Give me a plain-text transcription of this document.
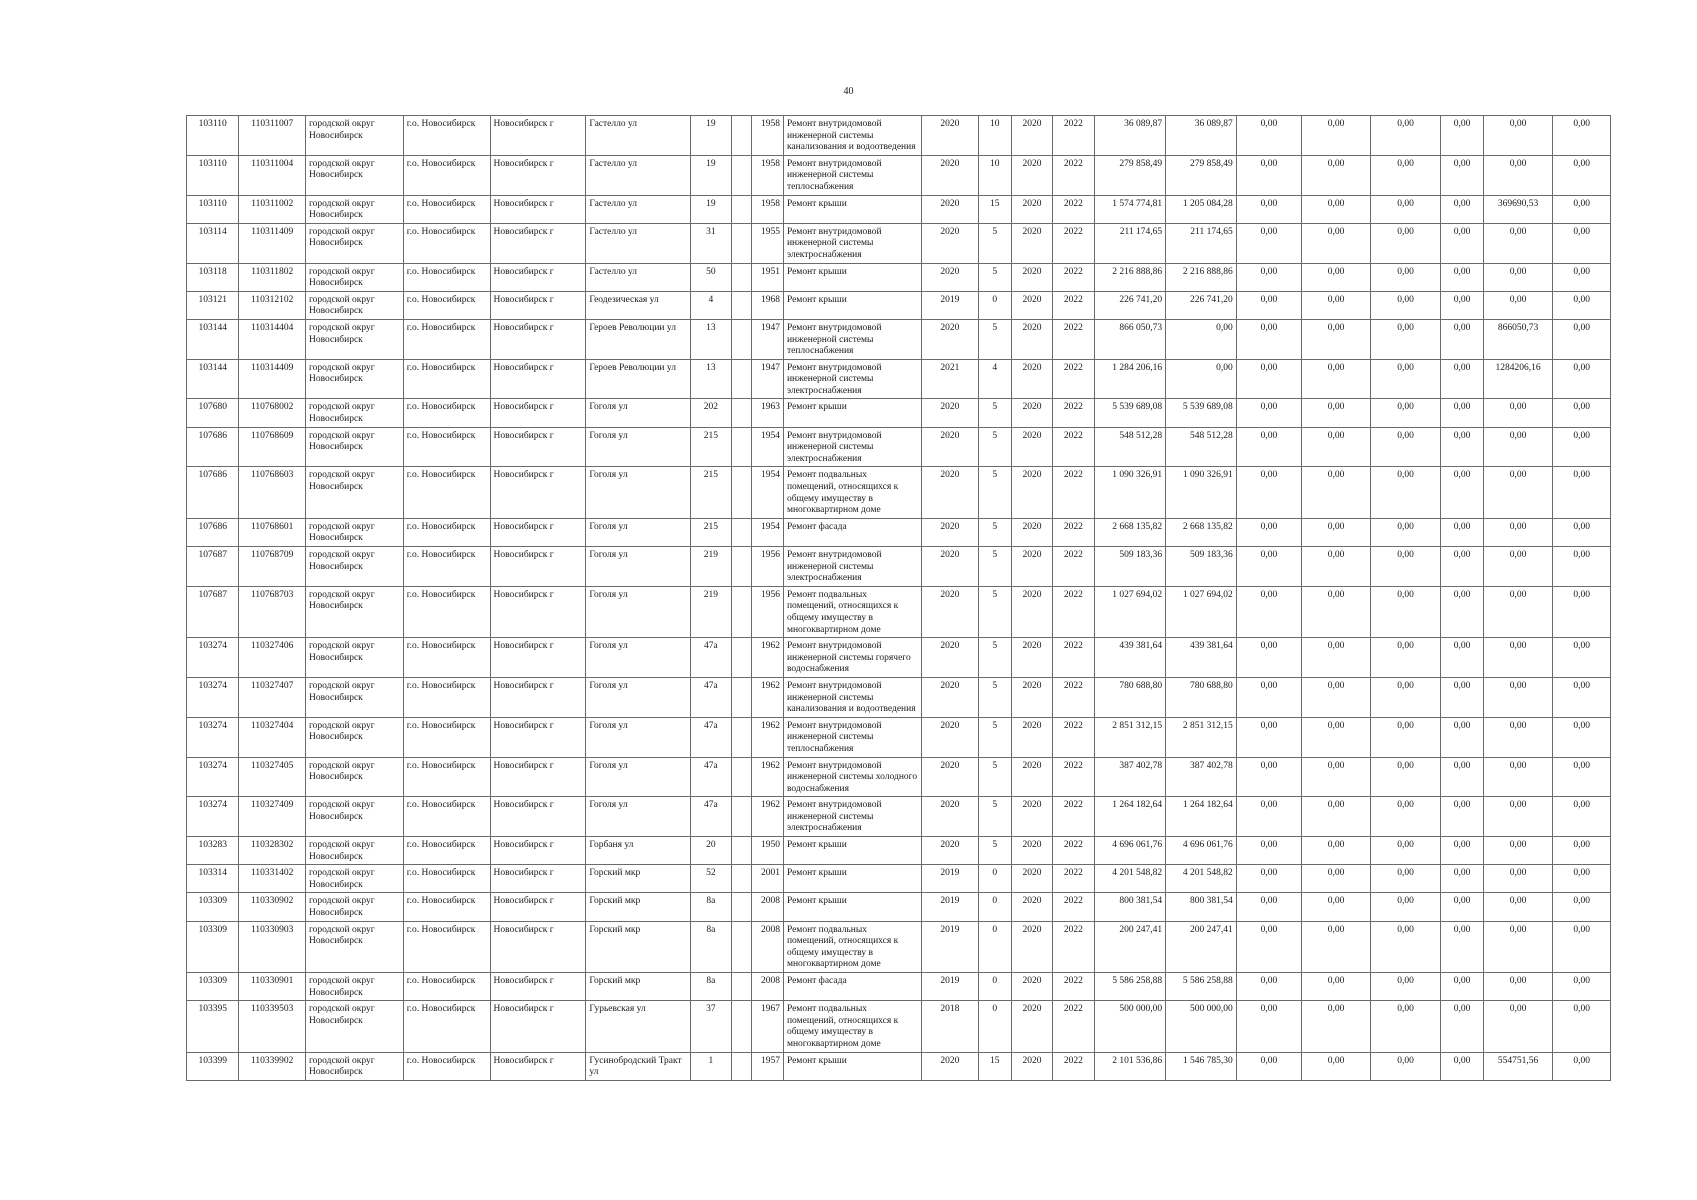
40
103110	110311007	городской округ Новосибирск	г.о. Новосибирск	Новосибирск г	Гастелло ул	19		1958	Ремонт внутридомовой инженерной системы канализования и водоотведения	2020	10	2020	2022	36 089,87	36 089,87	0,00	0,00	0,00	0,00	0,00	0,00
103110	110311004	городской округ Новосибирск	г.о. Новосибирск	Новосибирск г	Гастелло ул	19		1958	Ремонт внутридомовой инженерной системы теплоснабжения	2020	10	2020	2022	279 858,49	279 858,49	0,00	0,00	0,00	0,00	0,00	0,00
103110	110311002	городской округ Новосибирск	г.о. Новосибирск	Новосибирск г	Гастелло ул	19		1958	Ремонт крыши	2020	15	2020	2022	1 574 774,81	1 205 084,28	0,00	0,00	0,00	0,00	369690,53	0,00
103114	110311409	городской округ Новосибирск	г.о. Новосибирск	Новосибирск г	Гастелло ул	31		1955	Ремонт внутридомовой инженерной системы электроснабжения	2020	5	2020	2022	211 174,65	211 174,65	0,00	0,00	0,00	0,00	0,00	0,00
103118	110311802	городской округ Новосибирск	г.о. Новосибирск	Новосибирск г	Гастелло ул	50		1951	Ремонт крыши	2020	5	2020	2022	2 216 888,86	2 216 888,86	0,00	0,00	0,00	0,00	0,00	0,00
103121	110312102	городской округ Новосибирск	г.о. Новосибирск	Новосибирск г	Геодезическая ул	4		1968	Ремонт крыши	2019	0	2020	2022	226 741,20	226 741,20	0,00	0,00	0,00	0,00	0,00	0,00
103144	110314404	городской округ Новосибирск	г.о. Новосибирск	Новосибирск г	Героев Революции ул	13		1947	Ремонт внутридомовой инженерной системы теплоснабжения	2020	5	2020	2022	866 050,73	0,00	0,00	0,00	0,00	0,00	866050,73	0,00
103144	110314409	городской округ Новосибирск	г.о. Новосибирск	Новосибирск г	Героев Революции ул	13		1947	Ремонт внутридомовой инженерной системы электроснабжения	2021	4	2020	2022	1 284 206,16	0,00	0,00	0,00	0,00	0,00	1284206,16	0,00
107680	110768002	городской округ Новосибирск	г.о. Новосибирск	Новосибирск г	Гоголя ул	202		1963	Ремонт крыши	2020	5	2020	2022	5 539 689,08	5 539 689,08	0,00	0,00	0,00	0,00	0,00	0,00
107686	110768609	городской округ Новосибирск	г.о. Новосибирск	Новосибирск г	Гоголя ул	215		1954	Ремонт внутридомовой инженерной системы электроснабжения	2020	5	2020	2022	548 512,28	548 512,28	0,00	0,00	0,00	0,00	0,00	0,00
107686	110768603	городской округ Новосибирск	г.о. Новосибирск	Новосибирск г	Гоголя ул	215		1954	Ремонт подвальных помещений, относящихся к общему имуществу в многоквартирном доме	2020	5	2020	2022	1 090 326,91	1 090 326,91	0,00	0,00	0,00	0,00	0,00	0,00
107686	110768601	городской округ Новосибирск	г.о. Новосибирск	Новосибирск г	Гоголя ул	215		1954	Ремонт фасада	2020	5	2020	2022	2 668 135,82	2 668 135,82	0,00	0,00	0,00	0,00	0,00	0,00
107687	110768709	городской округ Новосибирск	г.о. Новосибирск	Новосибирск г	Гоголя ул	219		1956	Ремонт внутридомовой инженерной системы электроснабжения	2020	5	2020	2022	509 183,36	509 183,36	0,00	0,00	0,00	0,00	0,00	0,00
107687	110768703	городской округ Новосибирск	г.о. Новосибирск	Новосибирск г	Гоголя ул	219		1956	Ремонт подвальных помещений, относящихся к общему имуществу в многоквартирном доме	2020	5	2020	2022	1 027 694,02	1 027 694,02	0,00	0,00	0,00	0,00	0,00	0,00
103274	110327406	городской округ Новосибирск	г.о. Новосибирск	Новосибирск г	Гоголя ул	47а		1962	Ремонт внутридомовой инженерной системы горячего водоснабжения	2020	5	2020	2022	439 381,64	439 381,64	0,00	0,00	0,00	0,00	0,00	0,00
103274	110327407	городской округ Новосибирск	г.о. Новосибирск	Новосибирск г	Гоголя ул	47а		1962	Ремонт внутридомовой инженерной системы канализования и водоотведения	2020	5	2020	2022	780 688,80	780 688,80	0,00	0,00	0,00	0,00	0,00	0,00
103274	110327404	городской округ Новосибирск	г.о. Новосибирск	Новосибирск г	Гоголя ул	47а		1962	Ремонт внутридомовой инженерной системы теплоснабжения	2020	5	2020	2022	2 851 312,15	2 851 312,15	0,00	0,00	0,00	0,00	0,00	0,00
103274	110327405	городской округ Новосибирск	г.о. Новосибирск	Новосибирск г	Гоголя ул	47а		1962	Ремонт внутридомовой инженерной системы холодного водоснабжения	2020	5	2020	2022	387 402,78	387 402,78	0,00	0,00	0,00	0,00	0,00	0,00
103274	110327409	городской округ Новосибирск	г.о. Новосибирск	Новосибирск г	Гоголя ул	47а		1962	Ремонт внутридомовой инженерной системы электроснабжения	2020	5	2020	2022	1 264 182,64	1 264 182,64	0,00	0,00	0,00	0,00	0,00	0,00
103283	110328302	городской округ Новосибирск	г.о. Новосибирск	Новосибирск г	Горбаня ул	20		1950	Ремонт крыши	2020	5	2020	2022	4 696 061,76	4 696 061,76	0,00	0,00	0,00	0,00	0,00	0,00
103314	110331402	городской округ Новосибирск	г.о. Новосибирск	Новосибирск г	Горский мкр	52		2001	Ремонт крыши	2019	0	2020	2022	4 201 548,82	4 201 548,82	0,00	0,00	0,00	0,00	0,00	0,00
103309	110330902	городской округ Новосибирск	г.о. Новосибирск	Новосибирск г	Горский мкр	8а		2008	Ремонт крыши	2019	0	2020	2022	800 381,54	800 381,54	0,00	0,00	0,00	0,00	0,00	0,00
103309	110330903	городской округ Новосибирск	г.о. Новосибирск	Новосибирск г	Горский мкр	8а		2008	Ремонт подвальных помещений, относящихся к общему имуществу в многоквартирном доме	2019	0	2020	2022	200 247,41	200 247,41	0,00	0,00	0,00	0,00	0,00	0,00
103309	110330901	городской округ Новосибирск	г.о. Новосибирск	Новосибирск г	Горский мкр	8а		2008	Ремонт фасада	2019	0	2020	2022	5 586 258,88	5 586 258,88	0,00	0,00	0,00	0,00	0,00	0,00
103395	110339503	городской округ Новосибирск	г.о. Новосибирск	Новосибирск г	Гурьевская ул	37		1967	Ремонт подвальных помещений, относящихся к общему имуществу в многоквартирном доме	2018	0	2020	2022	500 000,00	500 000,00	0,00	0,00	0,00	0,00	0,00	0,00
103399	110339902	городской округ Новосибирск	г.о. Новосибирск	Новосибирск г	Гусинобродский Тракт ул	1		1957	Ремонт крыши	2020	15	2020	2022	2 101 536,86	1 546 785,30	0,00	0,00	0,00	0,00	554751,56	0,00
